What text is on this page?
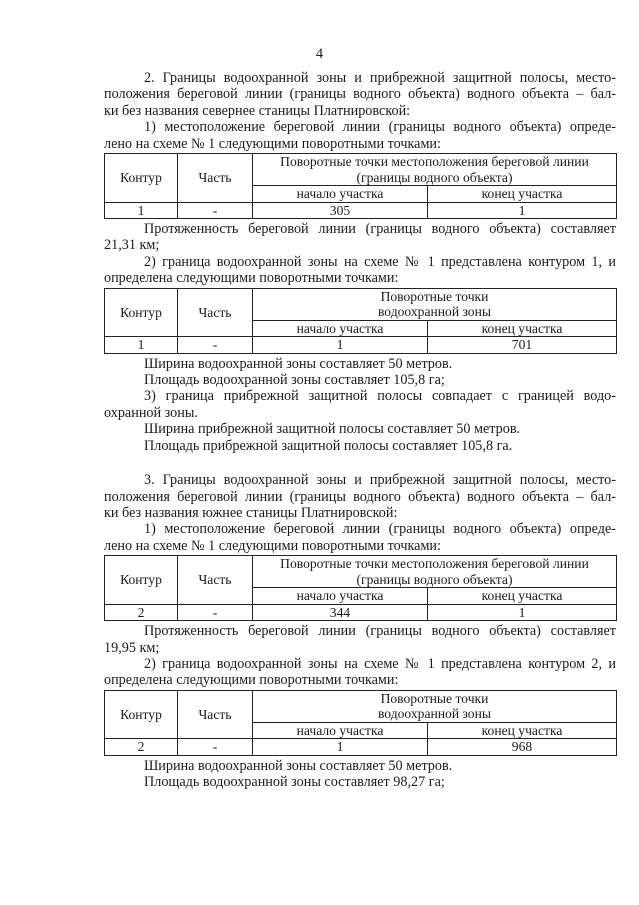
4

2. Границы водоохранной зоны и прибрежной защитной полосы, место-

положения береговой линии (границы водного объекта) водного объекта – бал-

ки без названия севернее станицы Платнировской:

1) местоположение береговой линии (границы водного объекта) опреде-

лено на схеме № 1 следующими поворотными точками:

Контур	Часть	Поворотные точки местоположения береговой линии
(границы водного объекта)	

		начало участка	конец участка
1	-	305	1

Протяженность береговой линии (границы водного объекта) составляет

21,31 км;

2) граница водоохранной зоны на схеме № 1 представлена контуром 1, и

определена следующими поворотными точками:

Контур	Часть	Поворотные точки
водоохранной зоны	

		начало участка	конец участка
1	-	1	701

Ширина водоохранной зоны составляет 50 метров.

Площадь водоохранной зоны составляет 105,8 га;

3) граница прибрежной защитной полосы совпадает с границей водо-

охранной зоны.

Ширина прибрежной защитной полосы составляет 50 метров.

Площадь прибрежной защитной полосы составляет 105,8 га.

3. Границы водоохранной зоны и прибрежной защитной полосы, место-

положения береговой линии (границы водного объекта) водного объекта – бал-

ки без названия южнее станицы Платнировской:

1) местоположение береговой линии (границы водного объекта) опреде-

лено на схеме № 1 следующими поворотными точками:

Контур	Часть	Поворотные точки местоположения береговой линии
(границы водного объекта)	

		начало участка	конец участка
2	-	344	1

Протяженность береговой линии (границы водного объекта) составляет

19,95 км;

2) граница водоохранной зоны на схеме № 1 представлена контуром 2, и

определена следующими поворотными точками:

Контур	Часть	Поворотные точки
водоохранной зоны	

		начало участка	конец участка
2	-	1	968

Ширина водоохранной зоны составляет 50 метров.

Площадь водоохранной зоны составляет 98,27 га;
